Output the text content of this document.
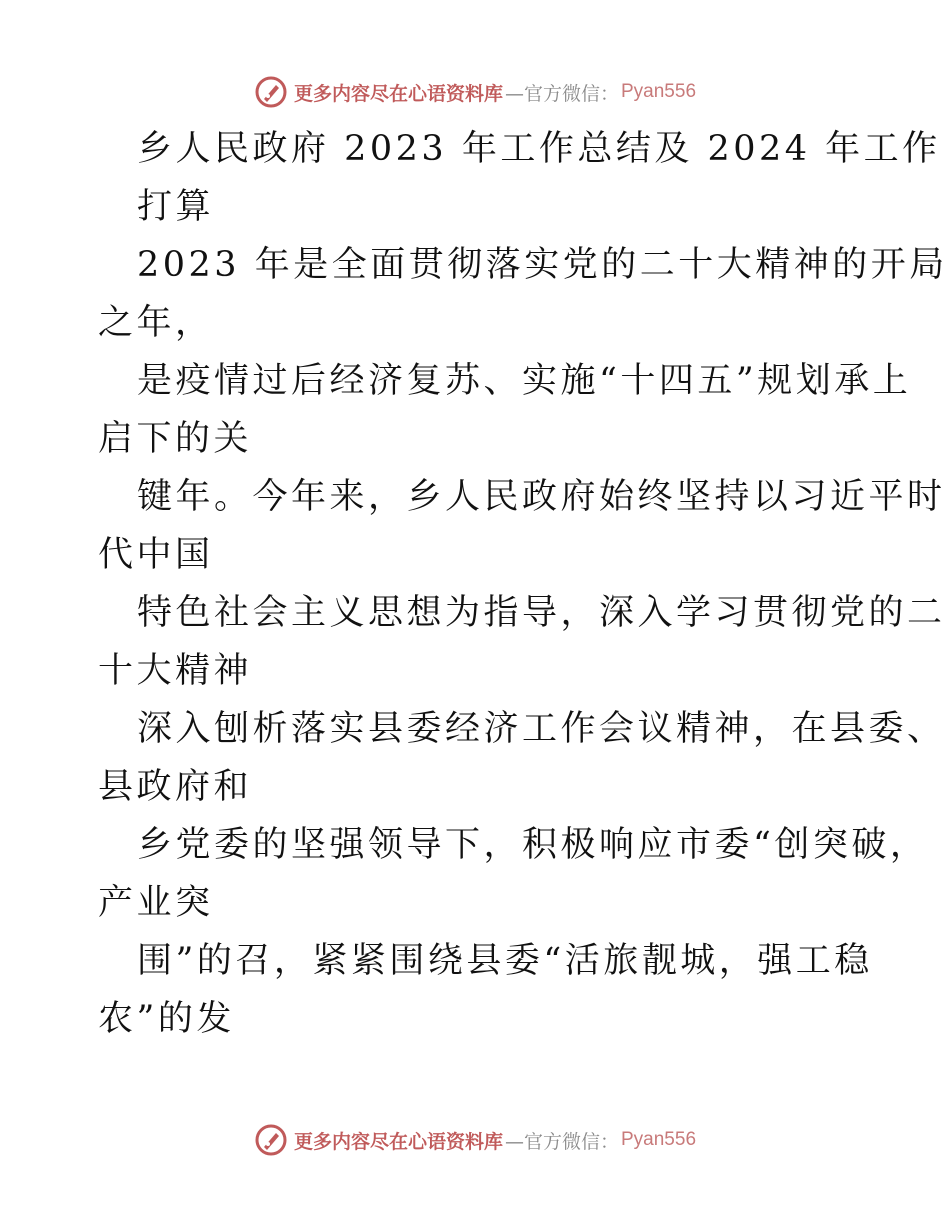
更多内容尽在心语资料库 —官方微信： Pyan556
乡人民政府 2023 年工作总结及 2024 年工作
打算
2023 年是全面贯彻落实党的二十大精神的开局
之年，
是疫情过后经济复苏、实施“十四五”规划承上
启下的关
键年。今年来，乡人民政府始终坚持以习近平时
代中国
特色社会主义思想为指导，深入学习贯彻党的二
十大精神
深入刨析落实县委经济工作会议精神，在县委、
县政府和
乡党委的坚强领导下，积极响应市委“创突破，
产业突
围”的召，紧紧围绕县委“活旅靓城，强工稳
农”的发
更多内容尽在心语资料库 —官方微信： Pyan556
